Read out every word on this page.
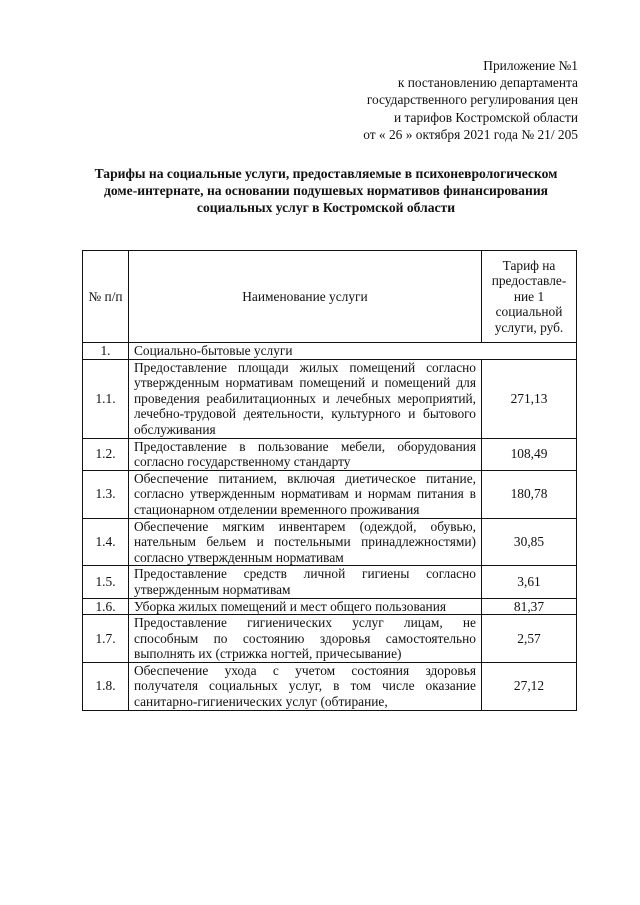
Приложение №1
к постановлению департамента
государственного регулирования цен
и тарифов Костромской области
от « 26 » октября 2021 года № 21/ 205
Тарифы на социальные услуги, предоставляемые в психоневрологическом доме-интернате, на основании подушевых нормативов финансирования социальных услуг в Костромской области
№ п/п	Наименование услуги	Тариф на предоставле-ние 1 социальной услуги, руб.
1.	Социально-бытовые услуги	
1.1.	Предоставление площади жилых помещений согласно утвержденным нормативам помещений и помещений для проведения реабилитационных и лечебных мероприятий, лечебно-трудовой деятельности, культурного и бытового обслуживания	271,13
1.2.	Предоставление в пользование мебели, оборудования согласно государственному стандарту	108,49
1.3.	Обеспечение питанием, включая диетическое питание, согласно утвержденным нормативам и нормам питания в стационарном отделении временного проживания	180,78
1.4.	Обеспечение мягким инвентарем (одеждой, обувью, нательным бельем и постельными принадлежностями) согласно утвержденным нормативам	30,85
1.5.	Предоставление средств личной гигиены согласно утвержденным нормативам	3,61
1.6.	Уборка жилых помещений и мест общего пользования	81,37
1.7.	Предоставление гигиенических услуг лицам, не способным по состоянию здоровья самостоятельно выполнять их (стрижка ногтей, причесывание)	2,57
1.8.	Обеспечение ухода с учетом состояния здоровья получателя социальных услуг, в том числе оказание санитарно-гигиенических услуг (обтирание,	27,12
